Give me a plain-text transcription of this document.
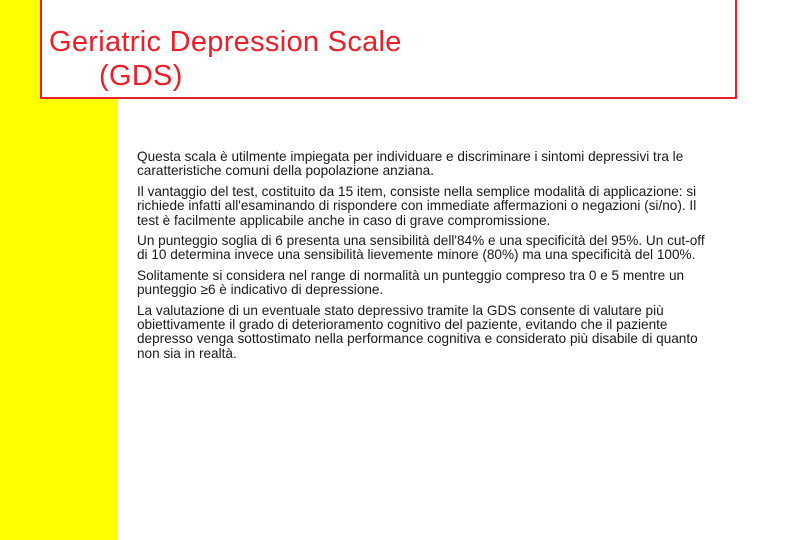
Geriatric Depression Scale
(GDS)

Questa scala è utilmente impiegata per individuare e discriminare i sintomi depressivi tra le caratteristiche comuni della popolazione anziana.

Il vantaggio del test, costituito da 15 item, consiste nella semplice modalità di applicazione: si richiede infatti all'esaminando di rispondere con immediate affermazioni o negazioni (si/no). Il test è facilmente applicabile anche in caso di grave compromissione.

Un punteggio soglia di 6 presenta una sensibilità dell'84% e una specificità del 95%. Un cut-off di 10 determina invece una sensibilità lievemente minore (80%) ma una specificità del 100%.

Solitamente si considera nel range di normalità un punteggio compreso tra 0 e 5 mentre un punteggio ≥6 è indicativo di depressione.

La valutazione di un eventuale stato depressivo tramite la GDS consente di valutare più obiettivamente il grado di deterioramento cognitivo del paziente, evitando che il paziente depresso venga sottostimato nella performance cognitiva e considerato più disabile di quanto non sia in realtà.
